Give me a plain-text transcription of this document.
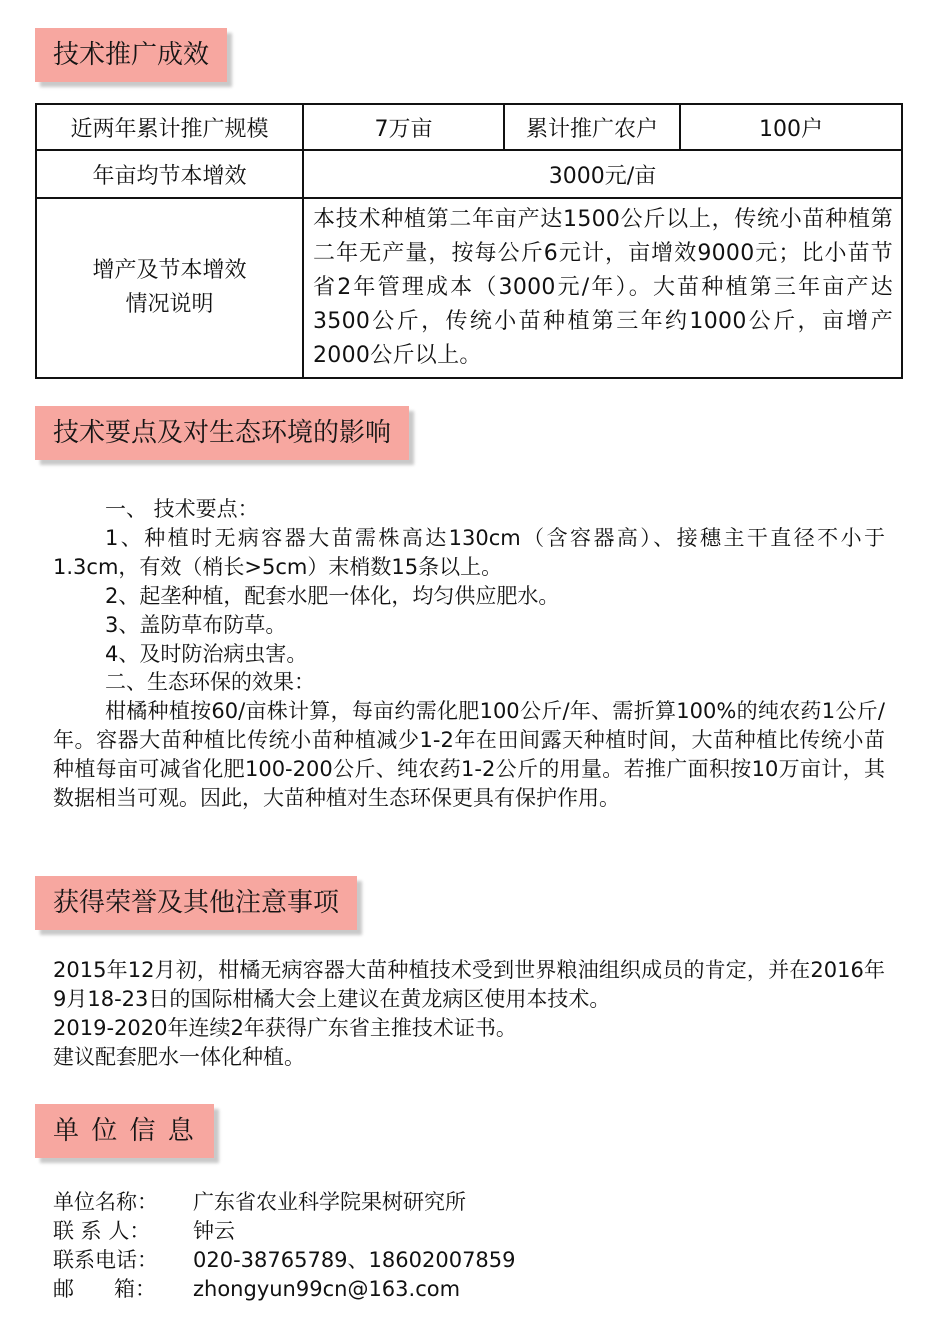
技术推广成效
近两年累计推广规模	7万亩	累计推广农户	100户
年亩均节本增效	3000元/亩		

增产及节本增效
情况说明	本技术种植第二年亩产达1500公斤以上，传统小苗种植第二年无产量，按每公斤6元计，亩增效9000元；比小苗节省2年管理成本（3000元/年）。大苗种植第三年亩产达3500公斤，传统小苗种植第三年约1000公斤，亩增产2000公斤以上。		
技术要点及对生态环境的影响

一、 技术要点：

1、种植时无病容器大苗需株高达130cm（含容器高）、接穗主干直径不小于1.3cm，有效（梢长>5cm）末梢数15条以上。

2、起垄种植，配套水肥一体化，均匀供应肥水。

3、盖防草布防草。

4、及时防治病虫害。

二、生态环保的效果：

柑橘种植按60/亩株计算，每亩约需化肥100公斤/年、需折算100%的纯农药1公斤/年。容器大苗种植比传统小苗种植减少1-2年在田间露天种植时间，大苗种植比传统小苗种植每亩可减省化肥100-200公斤、纯农药1-2公斤的用量。若推广面积按10万亩计，其数据相当可观。因此，大苗种植对生态环保更具有保护作用。

获得荣誉及其他注意事项

2015年12月初，柑橘无病容器大苗种植技术受到世界粮油组织成员的肯定，并在2016年9月18-23日的国际柑橘大会上建议在黄龙病区使用本技术。

2019-2020年连续2年获得广东省主推技术证书。

建议配套肥水一体化种植。

单 位 信 息
单位名称：	广东省农业科学院果树研究所
联 系 人：	钟云
联系电话：	020-38765789、18602007859
邮      箱：	zhongyun99cn@163.com
